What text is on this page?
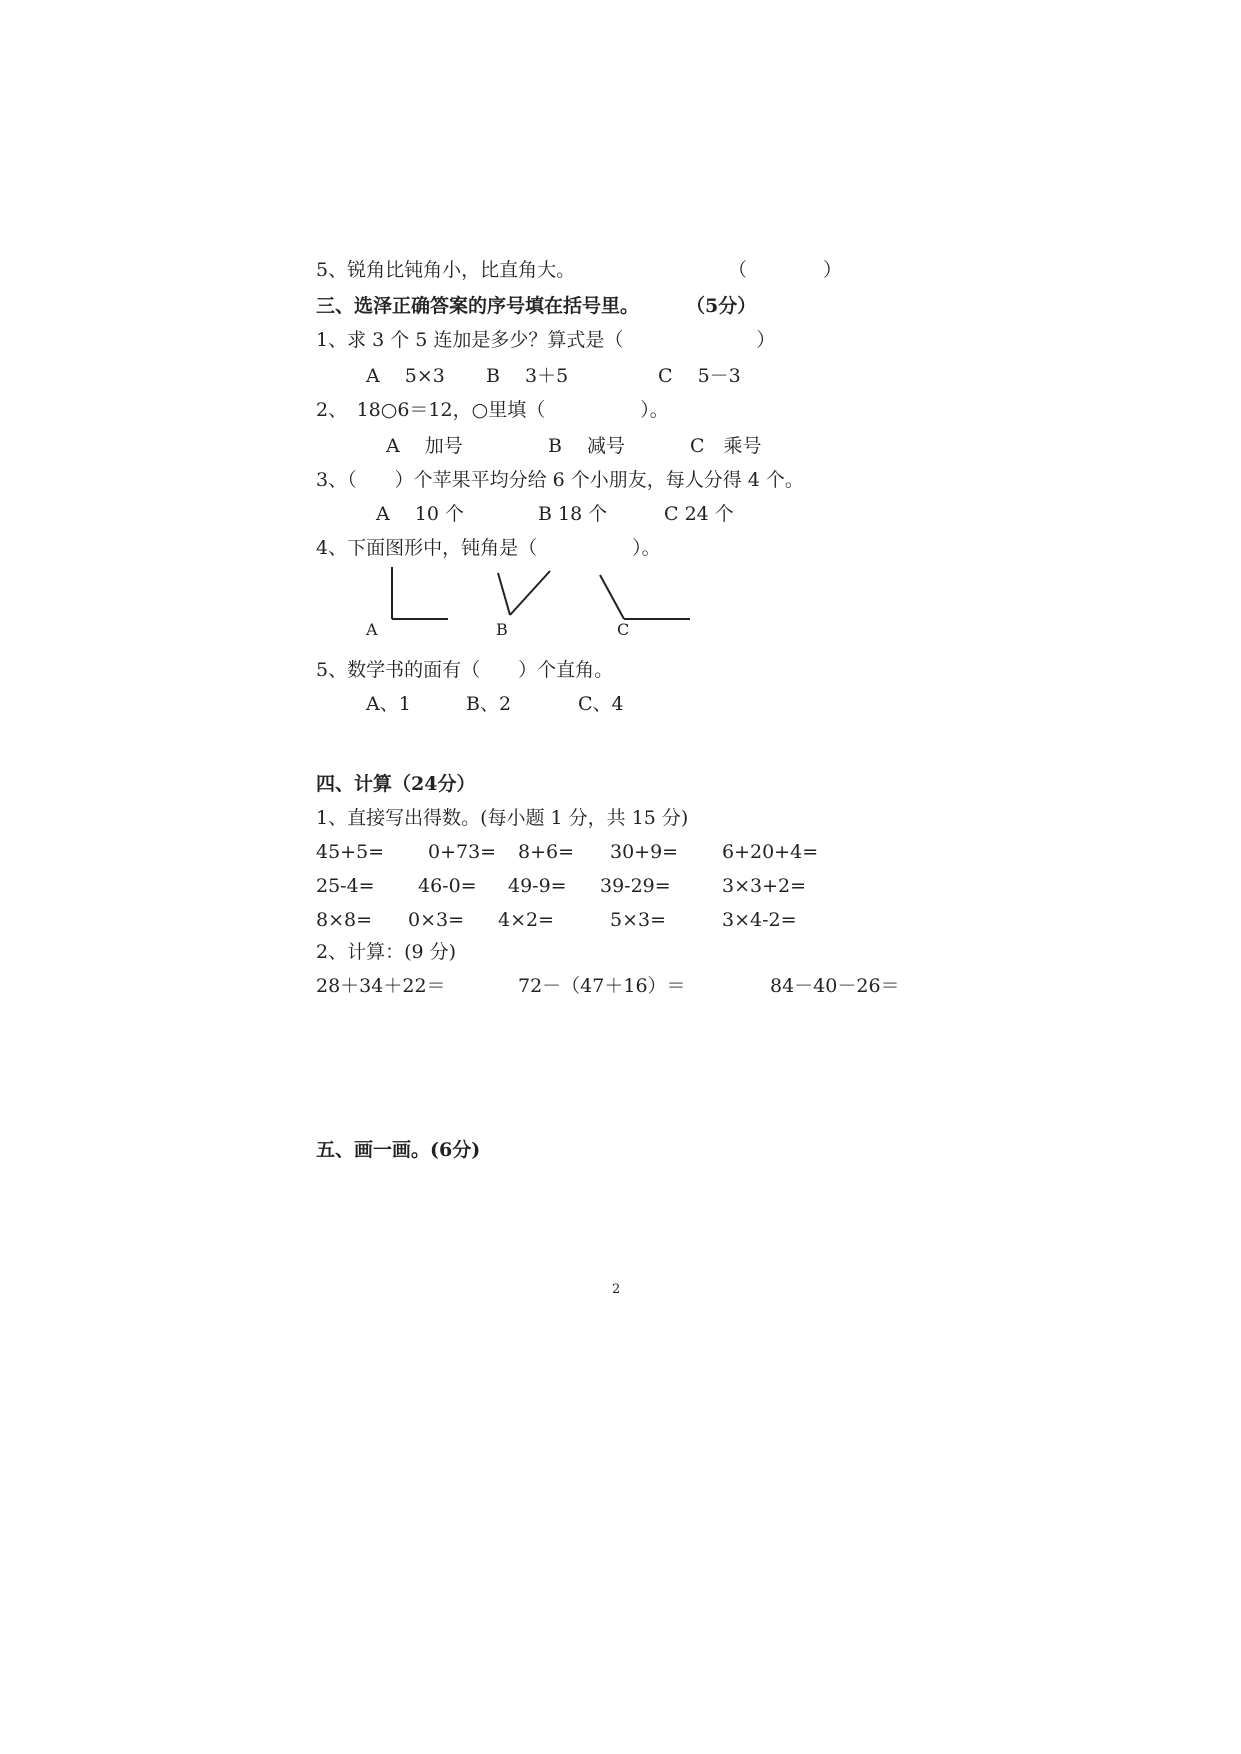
5、锐角比钝角小，比直角大。	（　　　　）
三、选泽正确答案的序号填在括号里。 （5分）
1、求 3 个 5 连加是多少？算式是（　　　　　　　）
A　 5×3 B　 3＋5	C　 5－3
2、　18○6＝12，○里填（　　　　　）。
A　 加号	B　 减号	C　乘号
3、（　　）个苹果平均分给 6 个小朋友，每人分得 4 个。
A　 10 个	B 18 个	C 24 个
4、下面图形中，钝角是（　　　　　）。
A	B	C
5、数学书的面有（　　）个直角。
A、1	B、2	C、4
四、计算（24分）
1、直接写出得数。(每小题 1 分，共 15 分)
45+5= 0+73= 8+6= 30+9= 6+20+4=
25-4= 46-0= 49-9= 39-29=	3×3+2=
8×8= 0×3= 4×2=	5×3=	3×4-2=
2、计算：(9 分)
28＋34＋22＝	72－（47＋16）＝	84－40－26＝
五、画一画。(6分)
2
